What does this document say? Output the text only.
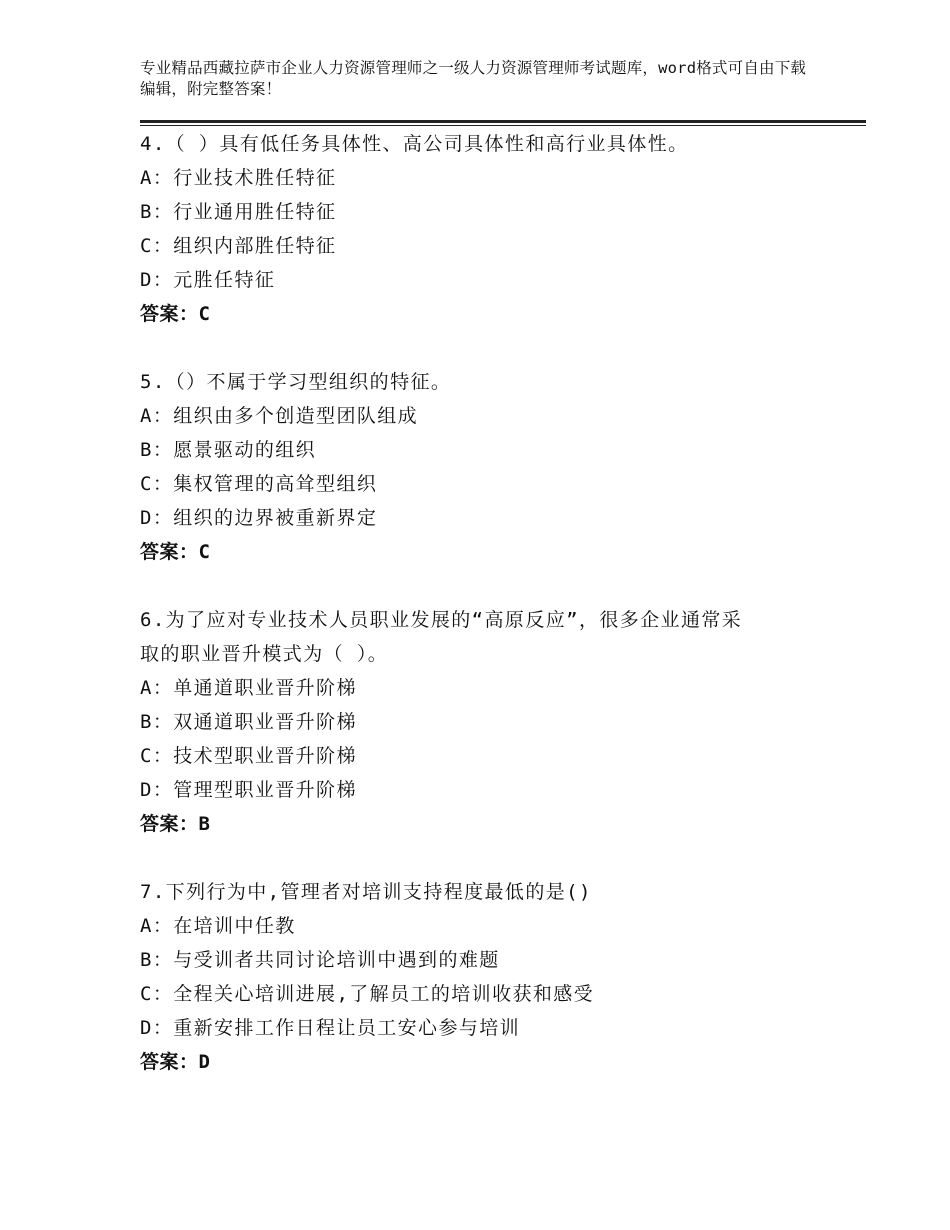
专业精品西藏拉萨市企业人力资源管理师之一级人力资源管理师考试题库，word格式可自由下载编辑，附完整答案！

4.（ ）具有低任务具体性、高公司具体性和高行业具体性。

A：行业技术胜任特征

B：行业通用胜任特征

C：组织内部胜任特征

D：元胜任特征

答案：C

5.（）不属于学习型组织的特征。

A：组织由多个创造型团队组成

B：愿景驱动的组织

C：集权管理的高耸型组织

D：组织的边界被重新界定

答案：C

6.为了应对专业技术人员职业发展的“高原反应”，很多企业通常采

取的职业晋升模式为（ ）。

A：单通道职业晋升阶梯

B：双通道职业晋升阶梯

C：技术型职业晋升阶梯

D：管理型职业晋升阶梯

答案：B

7.下列行为中,管理者对培训支持程度最低的是()

A：在培训中任教

B：与受训者共同讨论培训中遇到的难题

C：全程关心培训进展,了解员工的培训收获和感受

D：重新安排工作日程让员工安心参与培训

答案：D
